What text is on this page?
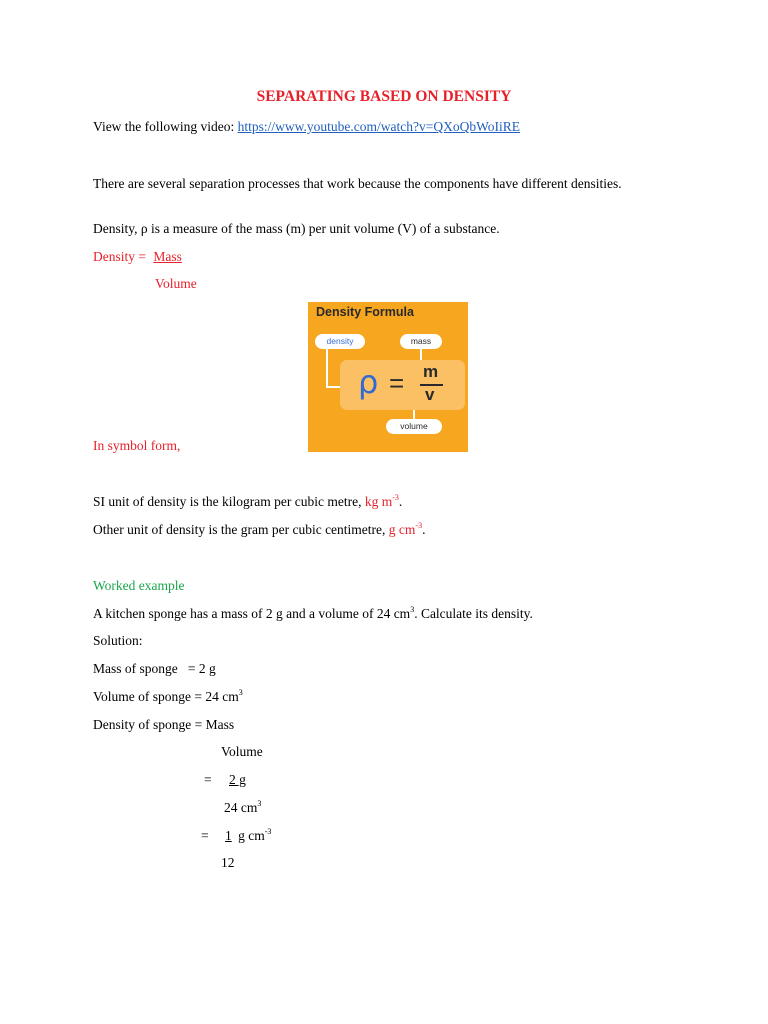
SEPARATING BASED ON DENSITY
View the following video: https://www.youtube.com/watch?v=QXoQbWoIiRE
There are several separation processes that work because the components have different densities.
Density, ρ is a measure of the mass (m) per unit volume (V) of a substance.
Density = Mass
Volume
In symbol form,
Density Formula
density	mass
ρ = m
v
volume
SI unit of density is the kilogram per cubic metre, kg $m^{-3}$.
Other unit of density is the gram per cubic centimetre, g $cm^{-3}$.
Worked example
A kitchen sponge has a mass of 2 g and a volume of 24 $cm^3$. Calculate its density.
Solution:
Mass of sponge   = 2 g
Volume of sponge = 24 $cm^3$
Density of sponge = Mass
Volume
=	2 g
24 $cm^3$
=	1 g $cm^{-3}$
12
